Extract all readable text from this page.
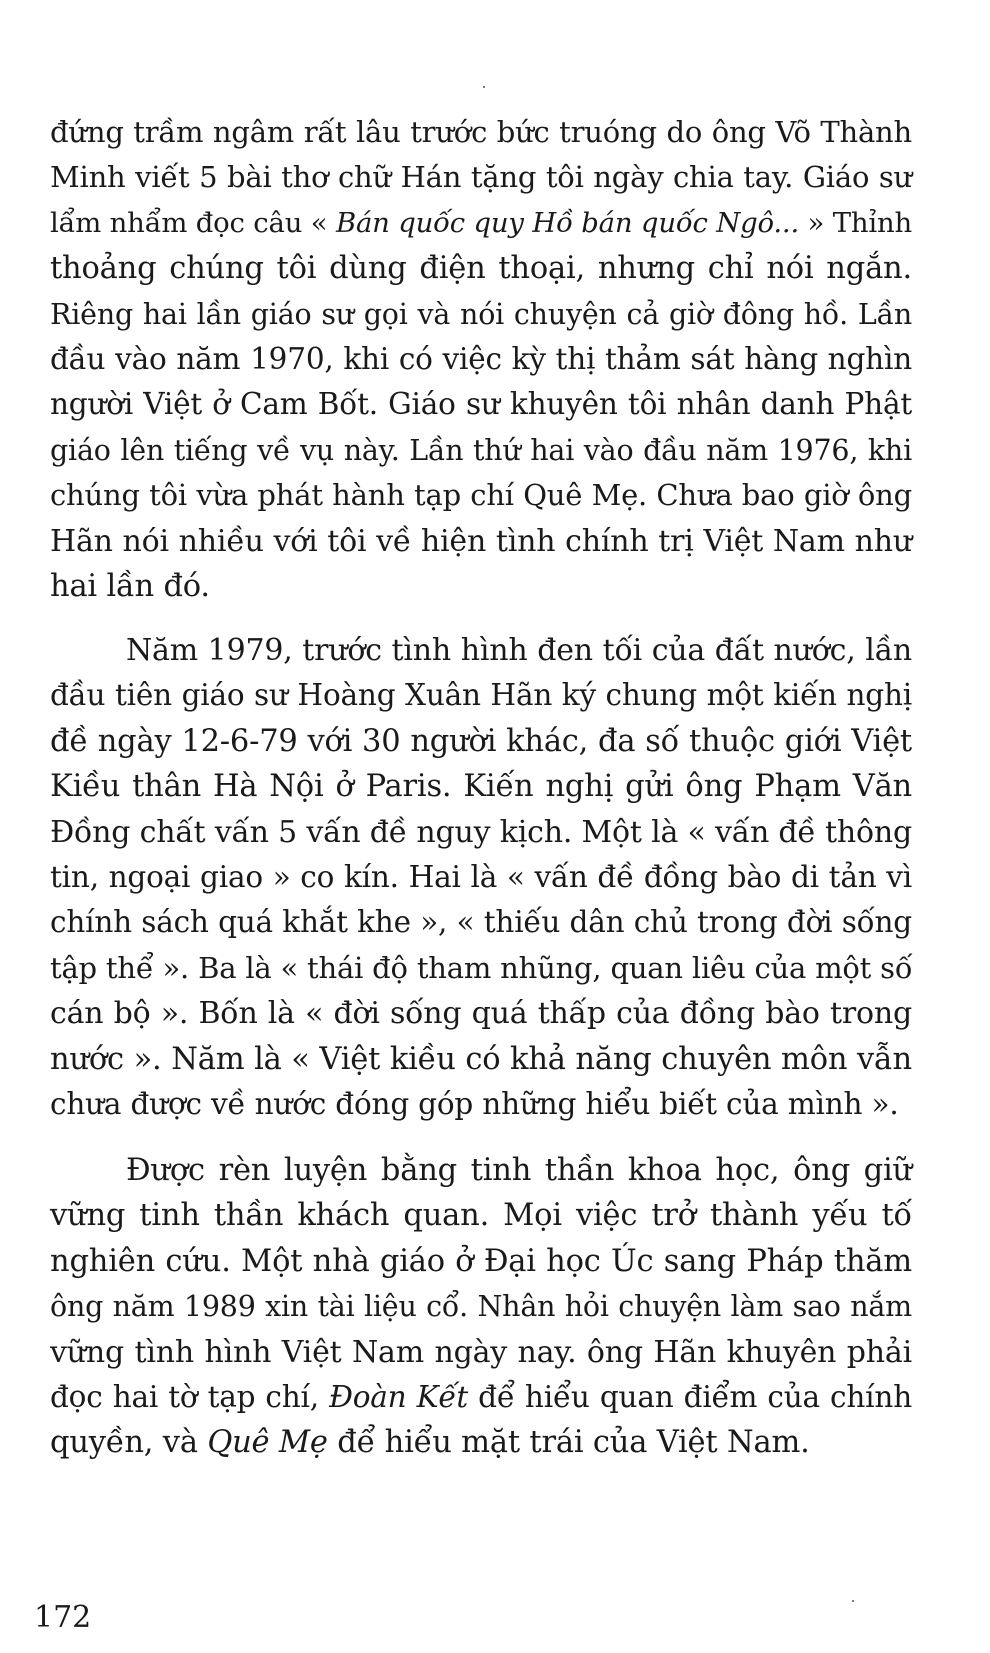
đứng trầm ngâm rất lâu trước bức truóng do ông Võ Thành
Minh viết 5 bài thơ chữ Hán tặng tôi ngày chia tay. Giáo sư
lẩm nhẩm đọc câu « Bán quốc quy Hồ bán quốc Ngô... » Thỉnh
thoảng chúng tôi dùng điện thoại, nhưng chỉ nói ngắn.
Riêng hai lần giáo sư gọi và nói chuyện cả giờ đông hồ. Lần
đầu vào năm 1970, khi có việc kỳ thị thảm sát hàng nghìn
người Việt ở Cam Bốt. Giáo sư khuyên tôi nhân danh Phật
giáo lên tiếng về vụ này. Lần thứ hai vào đầu năm 1976, khi
chúng tôi vừa phát hành tạp chí Quê Mẹ. Chưa bao giờ ông
Hãn nói nhiều với tôi về hiện tình chính trị Việt Nam như
hai lần đó.

Năm 1979, trước tình hình đen tối của đất nước, lần
đầu tiên giáo sư Hoàng Xuân Hãn ký chung một kiến nghị
đề ngày 12-6-79 với 30 người khác, đa số thuộc giới Việt
Kiều thân Hà Nội ở Paris. Kiến nghị gửi ông Phạm Văn
Đồng chất vấn 5 vấn đề nguy kịch. Một là « vấn đề thông
tin, ngoại giao » co kín. Hai là « vấn đề đồng bào di tản vì
chính sách quá khắt khe », « thiếu dân chủ trong đời sống
tập thể ». Ba là « thái độ tham nhũng, quan liêu của một số
cán bộ ». Bốn là « đời sống quá thấp của đồng bào trong
nước ». Năm là « Việt kiều có khả năng chuyên môn vẫn
chưa được về nước đóng góp những hiểu biết của mình ».

Được rèn luyện bằng tinh thần khoa học, ông giữ
vững tinh thần khách quan. Mọi việc trở thành yếu tố
nghiên cứu. Một nhà giáo ở Đại học Úc sang Pháp thăm
ông năm 1989 xin tài liệu cổ. Nhân hỏi chuyện làm sao nắm
vững tình hình Việt Nam ngày nay. ông Hãn khuyên phải
đọc hai tờ tạp chí, Đoàn Kết để hiểu quan điểm của chính
quyền, và Quê Mẹ để hiểu mặt trái của Việt Nam.

172
